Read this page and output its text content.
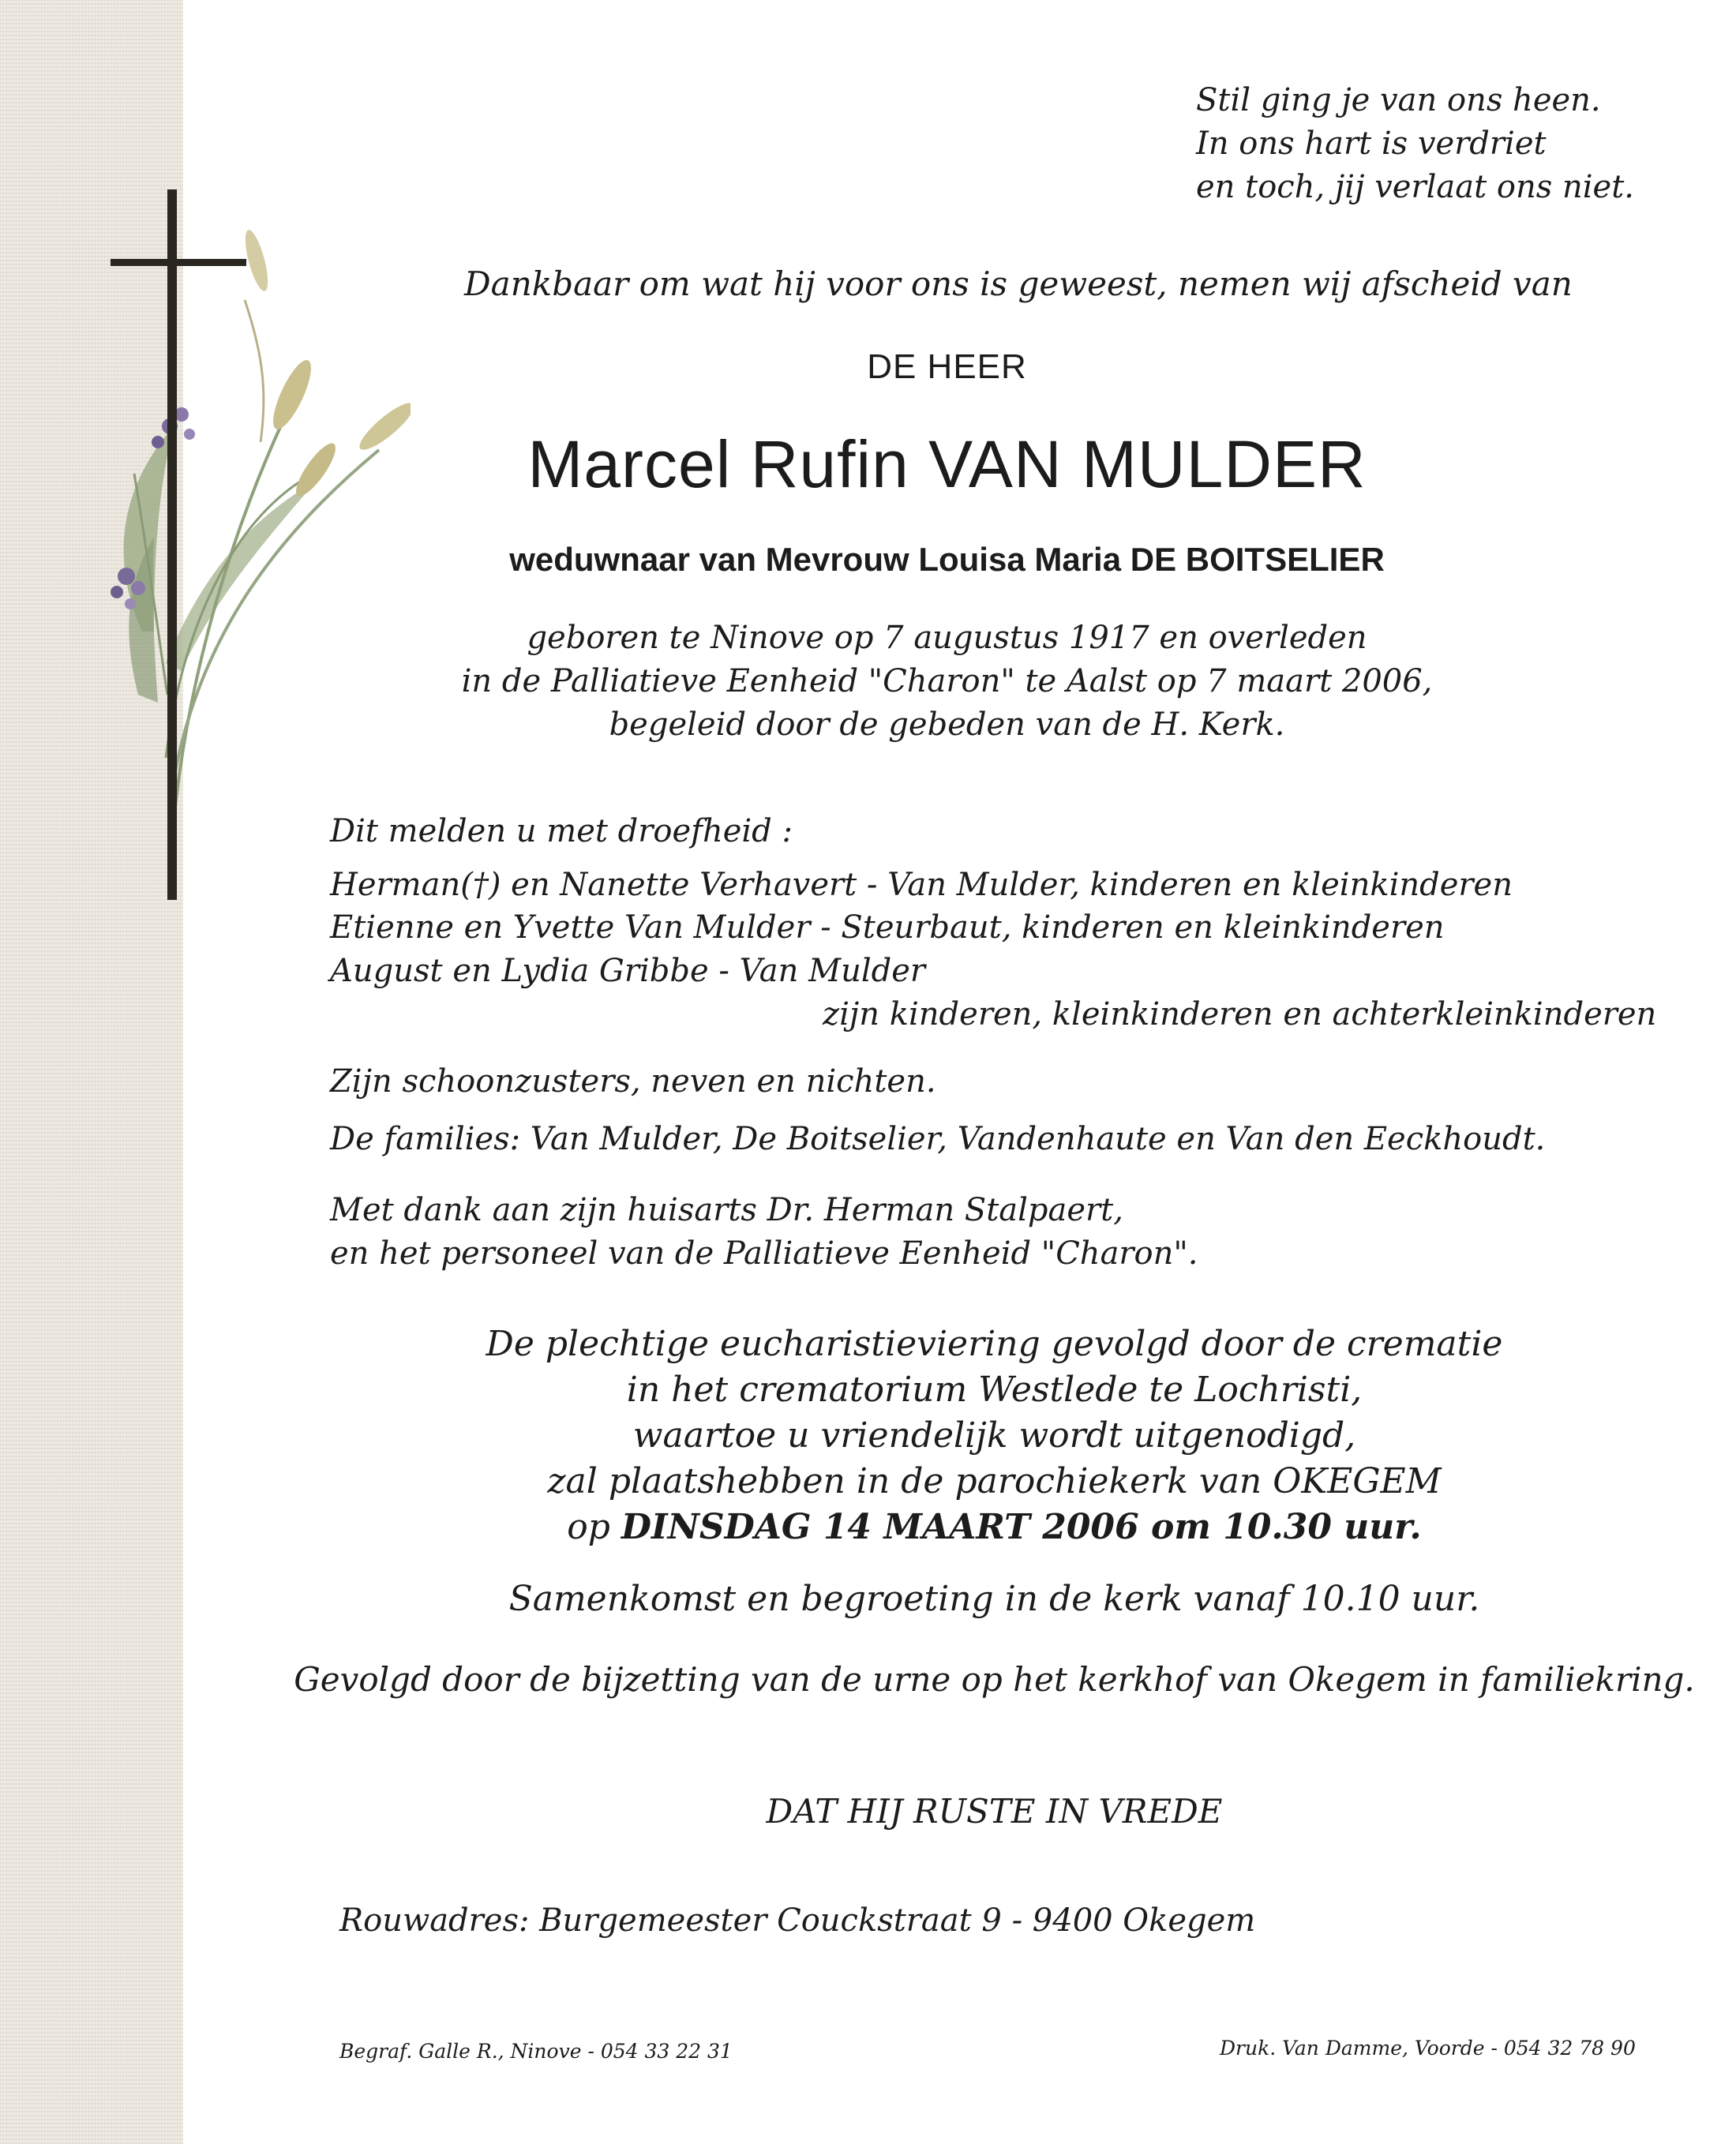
Stil ging je van ons heen.
In ons hart is verdriet
en toch, jij verlaat ons niet.
Dankbaar om wat hij voor ons is geweest, nemen wij afscheid van
DE HEER
Marcel Rufin VAN MULDER
weduwnaar van Mevrouw Louisa Maria DE BOITSELIER
geboren te Ninove op 7 augustus 1917 en overleden
in de Palliatieve Eenheid "Charon" te Aalst op 7 maart 2006,
begeleid door de gebeden van de H. Kerk.
Dit melden u met droefheid :
Herman(†) en Nanette Verhavert - Van Mulder, kinderen en kleinkinderen
Etienne en Yvette Van Mulder - Steurbaut, kinderen en kleinkinderen
August en Lydia Gribbe - Van Mulder
zijn kinderen, kleinkinderen en achterkleinkinderen
Zijn schoonzusters, neven en nichten.
De families: Van Mulder, De Boitselier, Vandenhaute en Van den Eeckhoudt.
Met dank aan zijn huisarts Dr. Herman Stalpaert,
en het personeel van de Palliatieve Eenheid "Charon".
De plechtige eucharistieviering gevolgd door de crematie
in het crematorium Westlede te Lochristi,
waartoe u vriendelijk wordt uitgenodigd,
zal plaatshebben in de parochiekerk van OKEGEM
op DINSDAG 14 MAART 2006 om 10.30 uur.
Samenkomst en begroeting in de kerk vanaf 10.10 uur.
Gevolgd door de bijzetting van de urne op het kerkhof van Okegem in familiekring.
DAT HIJ RUSTE IN VREDE
Rouwadres: Burgemeester Couckstraat 9 - 9400 Okegem
Begraf. Galle R., Ninove - 054 33 22 31	Druk. Van Damme, Voorde - 054 32 78 90
